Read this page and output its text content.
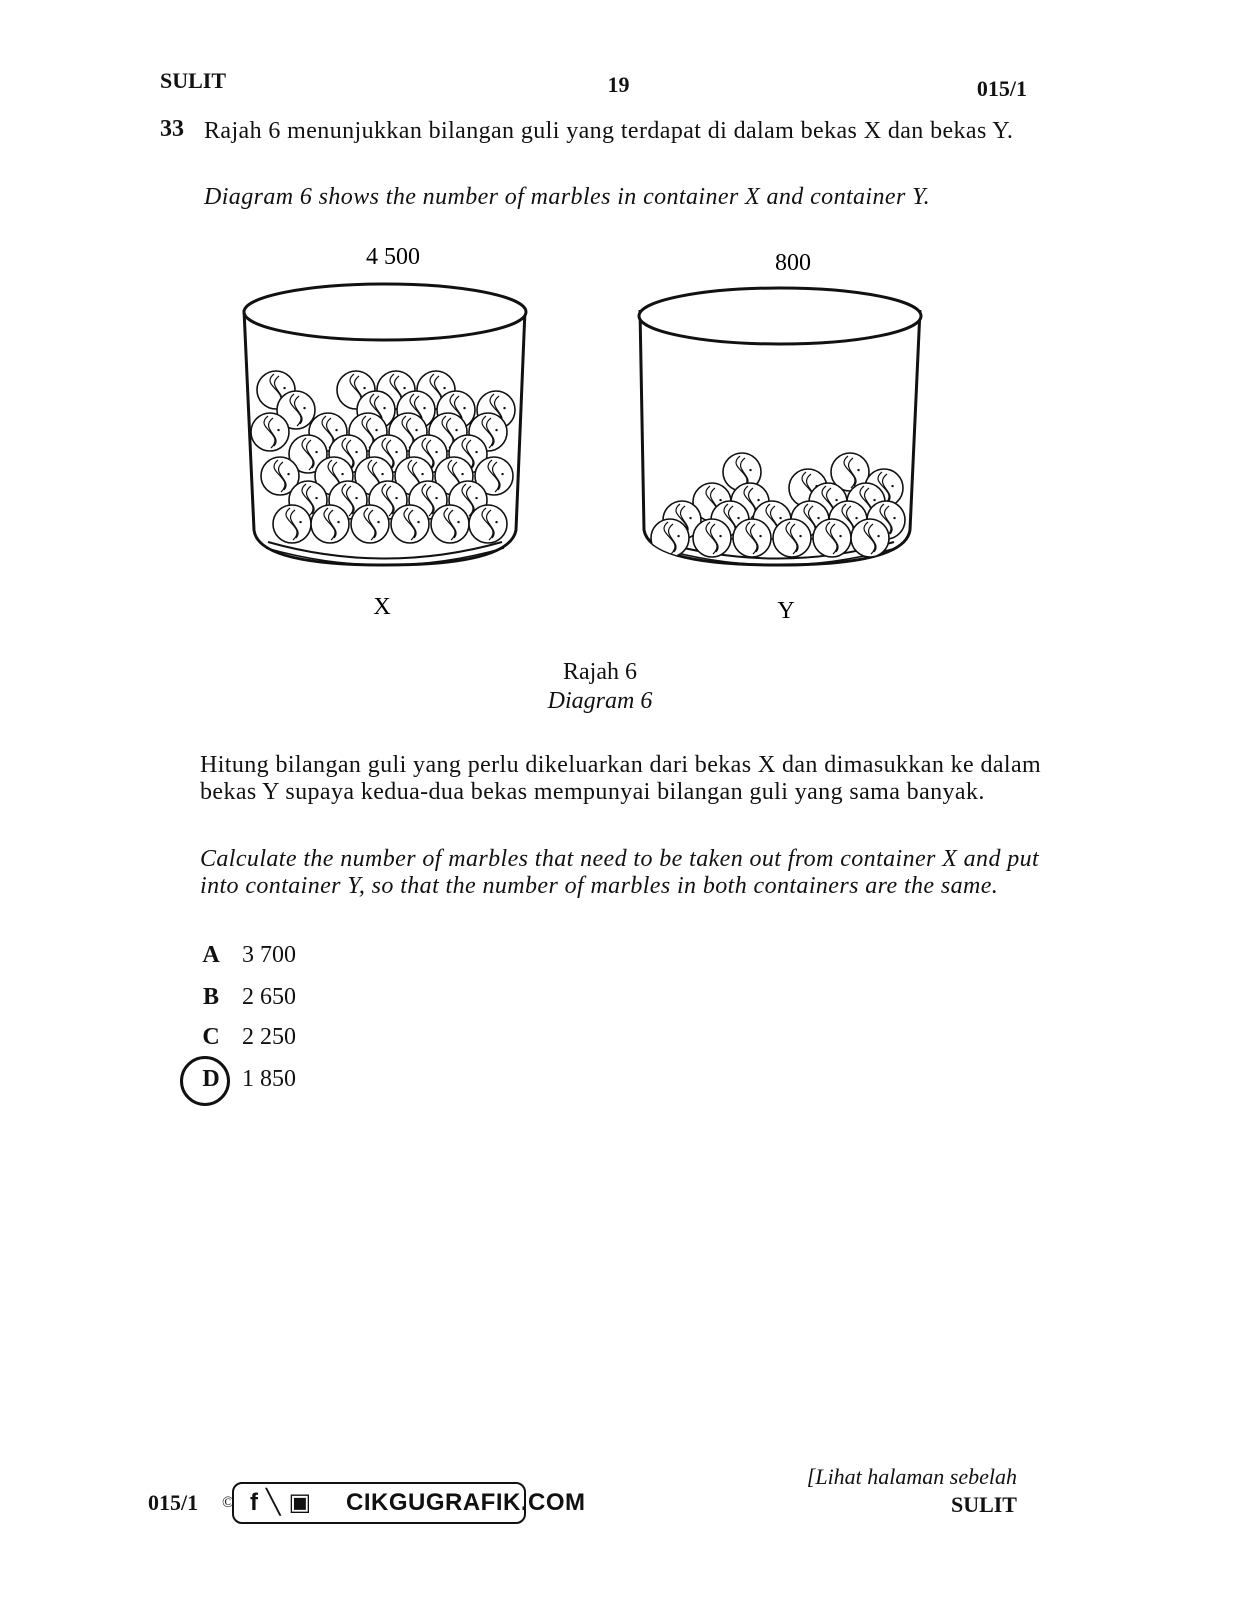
SULIT	19	015/1
33 Rajah 6 menunjukkan bilangan guli yang terdapat di dalam bekas X dan bekas Y.
Diagram 6 shows the number of marbles in container X and container Y.
4 500	800
X	Y
Rajah 6
Diagram 6
Hitung bilangan guli yang perlu dikeluarkan dari bekas X dan dimasukkan ke dalam bekas Y supaya kedua-dua bekas mempunyai bilangan guli yang sama banyak.
Calculate the number of marbles that need to be taken out from container X and put into container Y, so that the number of marbles in both containers are the same.
A 3 700
B 2 650
C 2 250
D 1 850
015/1 © f╲▣ CIKGUGRAFIK.COM
[Lihat halaman sebelah
SULIT
